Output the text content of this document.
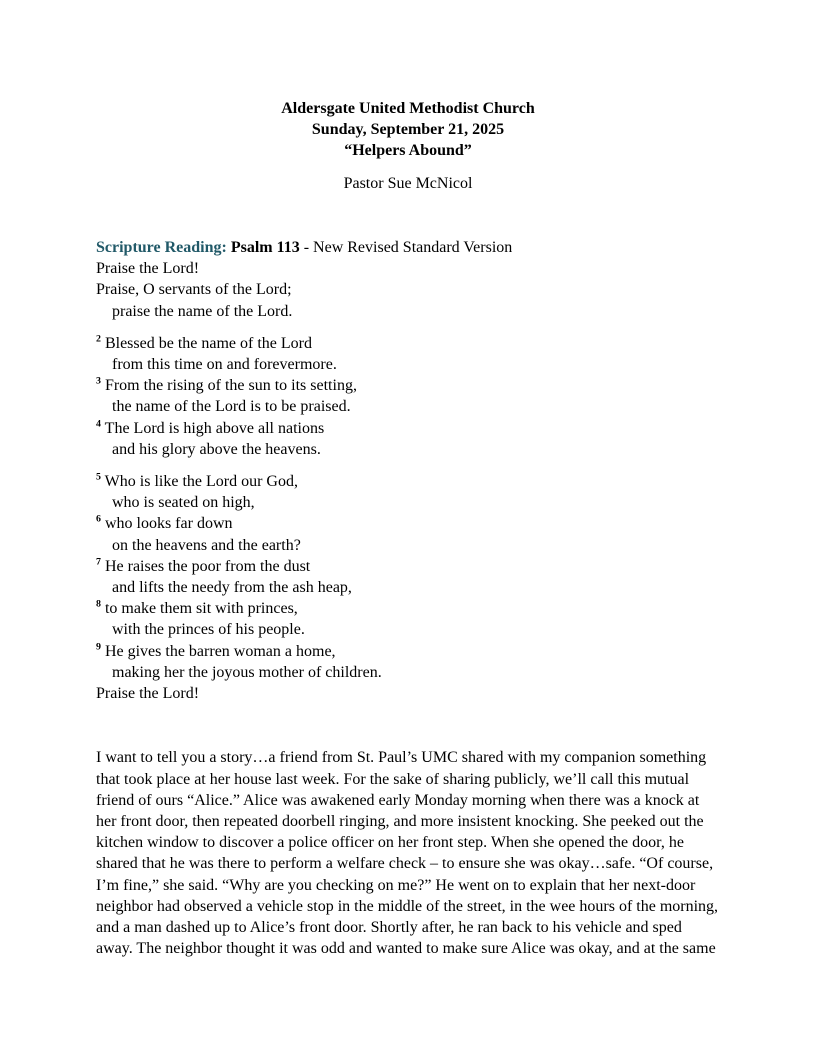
Aldersgate United Methodist Church
Sunday, September 21, 2025
“Helpers Abound”
Pastor Sue McNicol
Scripture Reading: Psalm 113 - New Revised Standard Version
Praise the Lord!
Praise, O servants of the Lord;
praise the name of the Lord.
$^2$ Blessed be the name of the Lord
from this time on and forevermore.
$^3$ From the rising of the sun to its setting,
the name of the Lord is to be praised.
$^4$ The Lord is high above all nations
and his glory above the heavens.
$^5$ Who is like the Lord our God,
who is seated on high,
$^6$ who looks far down
on the heavens and the earth?
$^7$ He raises the poor from the dust
and lifts the needy from the ash heap,
$^8$ to make them sit with princes,
with the princes of his people.
$^9$ He gives the barren woman a home,
making her the joyous mother of children.
Praise the Lord!

I want to tell you a story…a friend from St. Paul’s UMC shared with my companion something that took place at her house last week. For the sake of sharing publicly, we’ll call this mutual friend of ours “Alice.” Alice was awakened early Monday morning when there was a knock at her front door, then repeated doorbell ringing, and more insistent knocking. She peeked out the kitchen window to discover a police officer on her front step. When she opened the door, he shared that he was there to perform a welfare check – to ensure she was okay…safe. “Of course, I’m fine,” she said. “Why are you checking on me?” He went on to explain that her next-door neighbor had observed a vehicle stop in the middle of the street, in the wee hours of the morning, and a man dashed up to Alice’s front door. Shortly after, he ran back to his vehicle and sped away. The neighbor thought it was odd and wanted to make sure Alice was okay, and at the same
